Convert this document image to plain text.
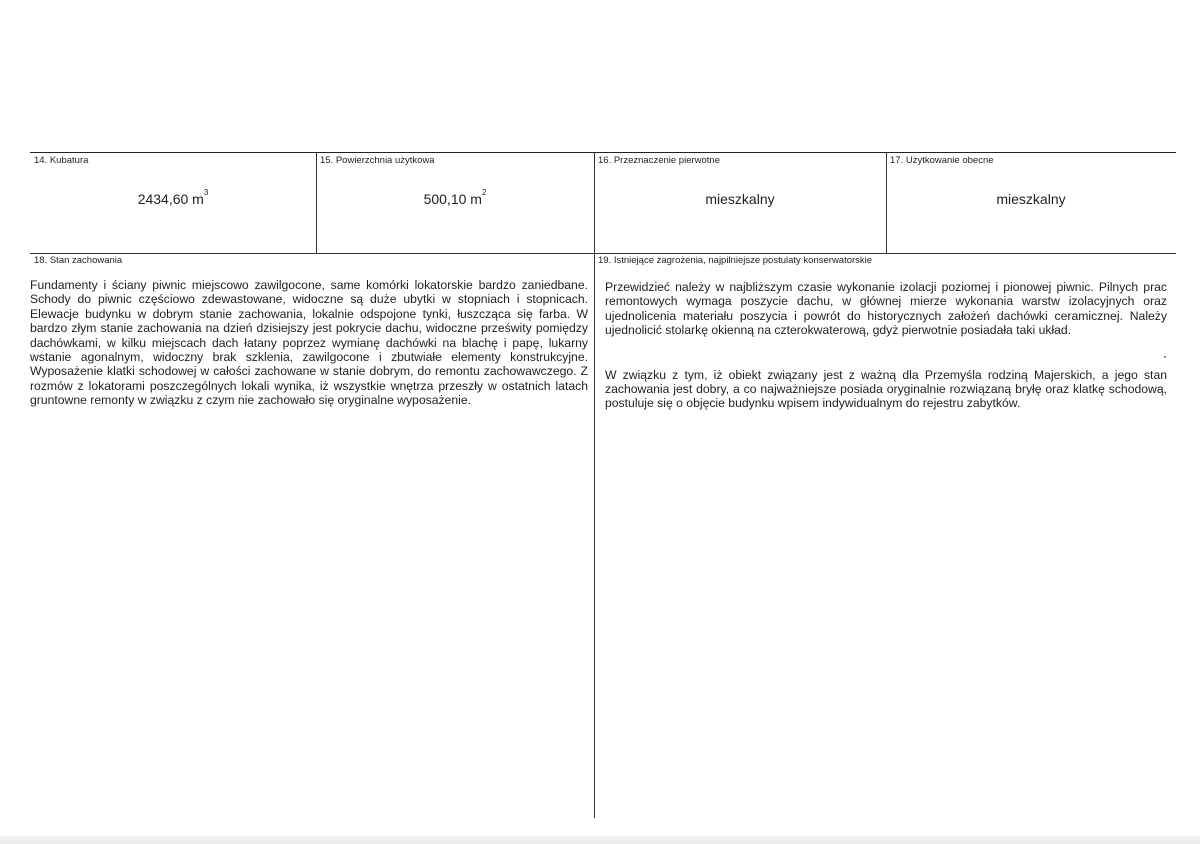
14. Kubatura
2434,60 $m^3$
15. Powierzchnia użytkowa
500,10 $m^2$
16. Przeznaczenie pierwotne
mieszkalny
17. Użytkowanie obecne
mieszkalny
18. Stan zachowania

Fundamenty i ściany piwnic miejscowo zawilgocone, same komórki lokatorskie bardzo zaniedbane. Schody do piwnic częściowo zdewastowane, widoczne są duże ubytki w stopniach i stopnicach. Elewacje budynku w dobrym stanie zachowania, lokalnie odspojone tynki, łuszcząca się farba. W bardzo złym stanie zachowania na dzień dzisiejszy jest pokrycie dachu, widoczne prześwity pomiędzy dachówkami, w kilku miejscach dach łatany poprzez wymianę dachówki na blachę i papę, lukarny wstanie agonalnym, widoczny brak szklenia, zawilgocone i zbutwiałe elementy konstrukcyjne. Wyposażenie klatki schodowej w całości zachowane w stanie dobrym, do remontu zachowawczego. Z rozmów z lokatorami poszczególnych lokali wynika, iż wszystkie wnętrza przeszły w ostatnich latach gruntowne remonty w związku z czym nie zachowało się oryginalne wyposażenie.

19. Istniejące zagrożenia, najpilniejsze postulaty konserwatorskie

Przewidzieć należy w najbliższym czasie wykonanie izolacji poziomej i pionowej piwnic. Pilnych prac remontowych wymaga poszycie dachu, w głównej mierze wykonania warstw izolacyjnych oraz ujednolicenia materiału poszycia i powrót do historycznych założeń dachówki ceramicznej. Należy ujednolicić stolarkę okienną na czterokwaterową, gdyż pierwotnie posiadała taki układ.

W związku z tym, iż obiekt związany jest z ważną dla Przemyśla rodziną Majerskich, a jego stan zachowania jest dobry, a co najważniejsze posiada oryginalnie rozwiązaną bryłę oraz klatkę schodową, postuluje się o objęcie budynku wpisem indywidualnym do rejestru zabytków.
